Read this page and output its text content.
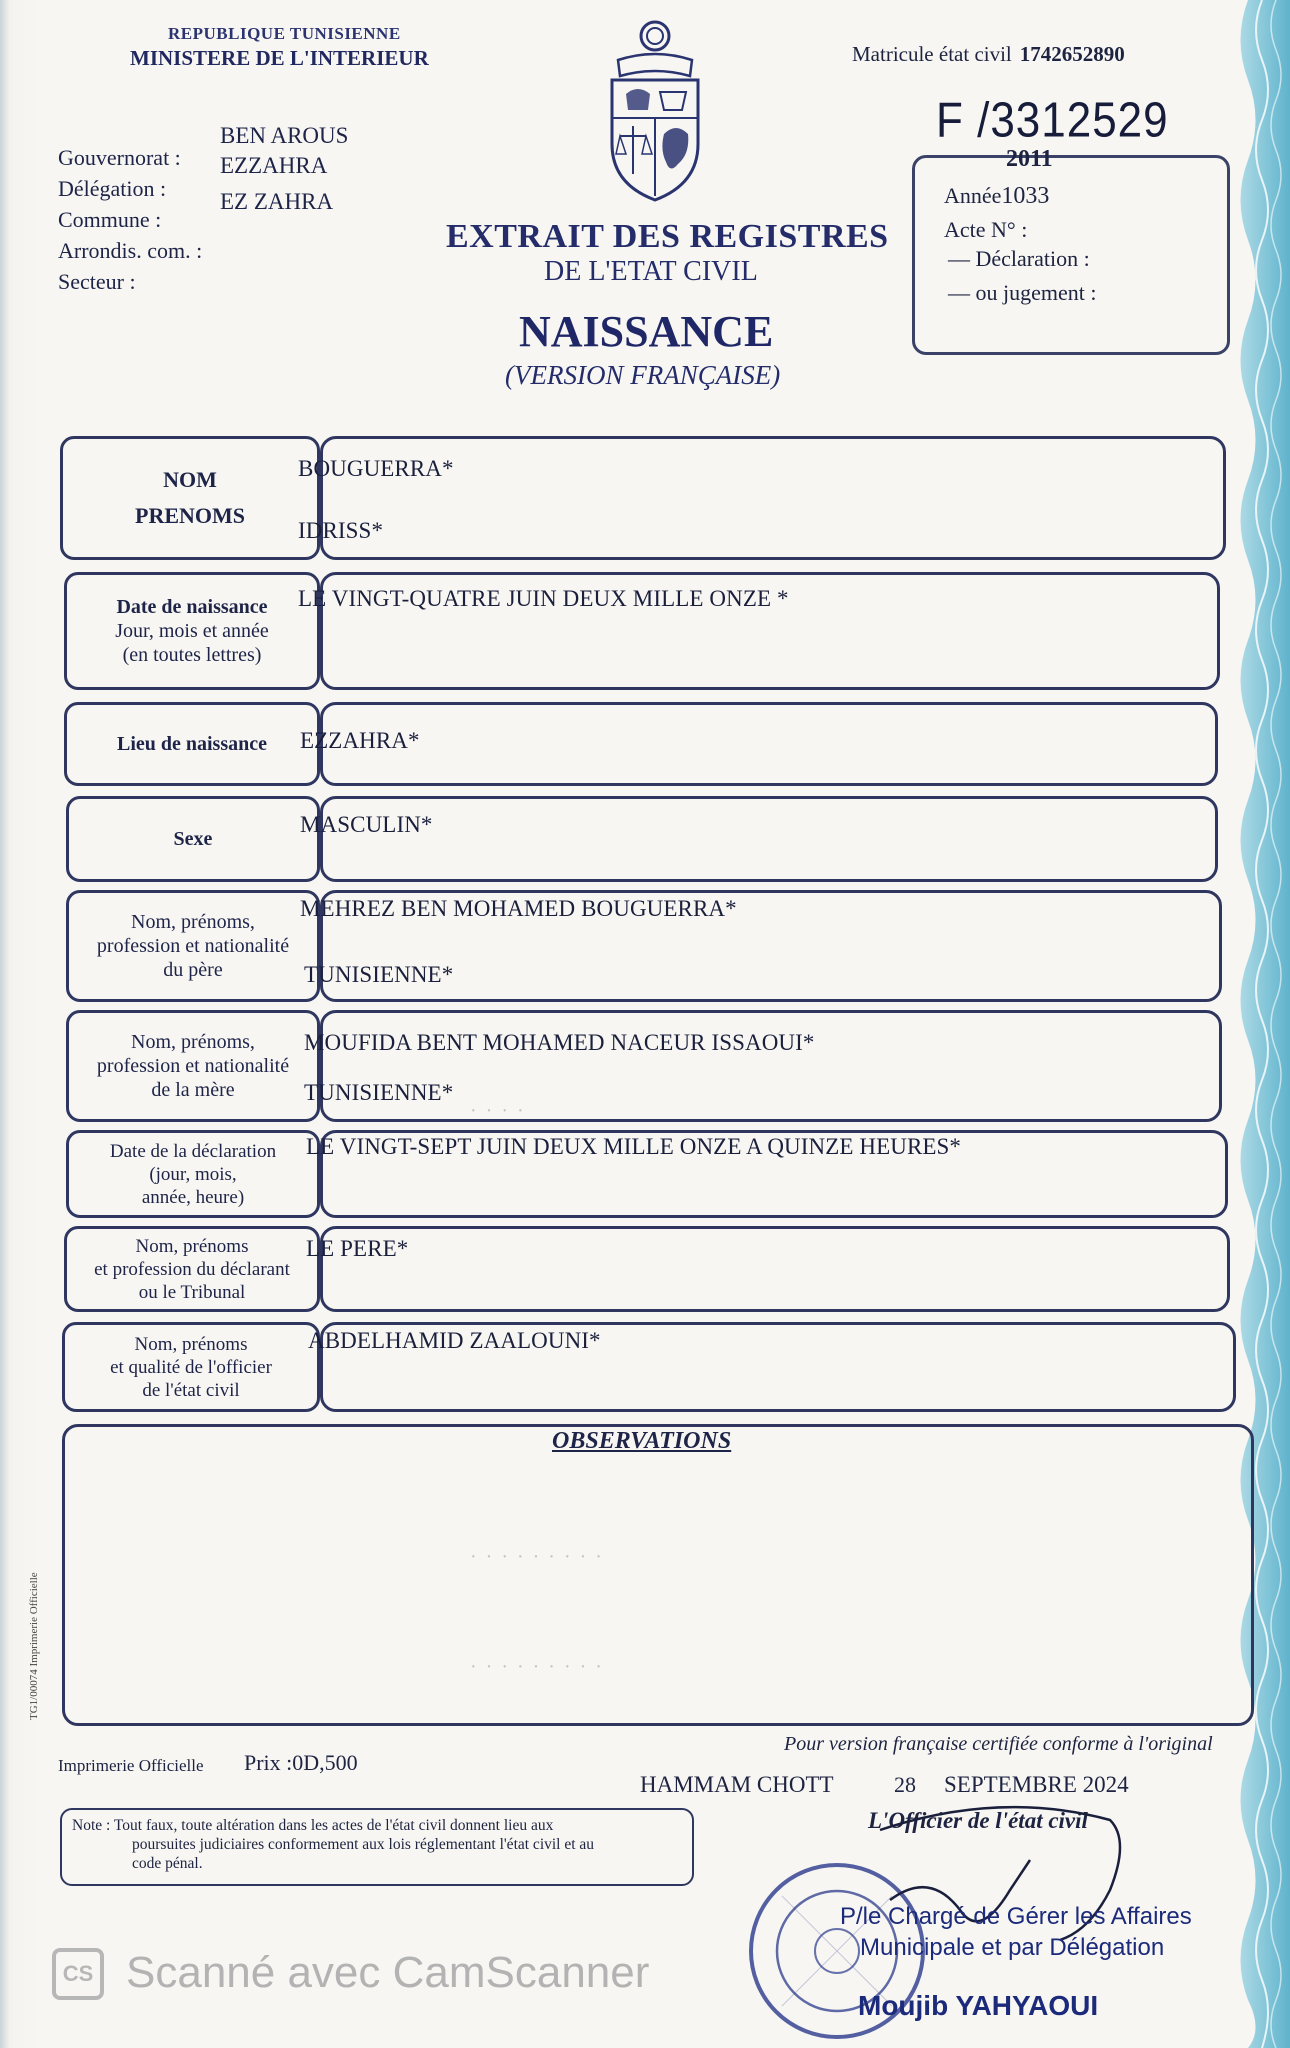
REPUBLIQUE TUNISIENNE
MINISTERE DE L'INTERIEUR	Matricule état civil 1742652890
F /3312529
Gouvernorat :
Délégation :
Commune :
Arrondis. com. :
Secteur :
BEN AROUS
EZZAHRA
EZ ZAHRA
EXTRAIT DES REGISTRES
DE L'ETAT CIVIL
NAISSANCE
(VERSION FRANÇAISE)
2011
Année1033
Acte N° :
— Déclaration :
— ou jugement :
NOM
PRENOMS
BOUGUERRA*
IDRISS*
Date de naissance
Jour, mois et année
(en toutes lettres)
LE VINGT-QUATRE JUIN DEUX MILLE ONZE *
Lieu de naissance EZZAHRA*
Sexe
MASCULIN*
Nom, prénoms,
profession et nationalité
du père
MEHREZ BEN MOHAMED BOUGUERRA*
TUNISIENNE*
Nom, prénoms,
profession et nationalité
de la mère
MOUFIDA BENT MOHAMED NACEUR ISSAOUI*
TUNISIENNE*
· · · ·
Date de la déclaration
(jour, mois,
année, heure)
LE VINGT-SEPT JUIN DEUX MILLE ONZE A QUINZE HEURES*
Nom, prénoms
et profession du déclarant
ou le Tribunal
LE PERE*
Nom, prénoms
et qualité de l'officier
de l'état civil
ABDELHAMID ZAALOUNI*
OBSERVATIONS
· · · · · · · · ·
· · · · · · · · ·
TG1/00074 Imprimerie Officielle
Imprimerie Officielle Prix :0D,500
Pour version française certifiée conforme à l'original
HAMMAM CHOTT	28 SEPTEMBRE 2024
L'Officier de l'état civil
Note : Tout faux, toute altération dans les actes de l'état civil donnent lieu aux
poursuites judiciaires conformement aux lois réglementant l'état civil et au
code pénal.
P/le Chargé de Gérer les Affaires
Municipale et par Délégation
Moujib YAHYAOUI
CS Scanné avec CamScanner
